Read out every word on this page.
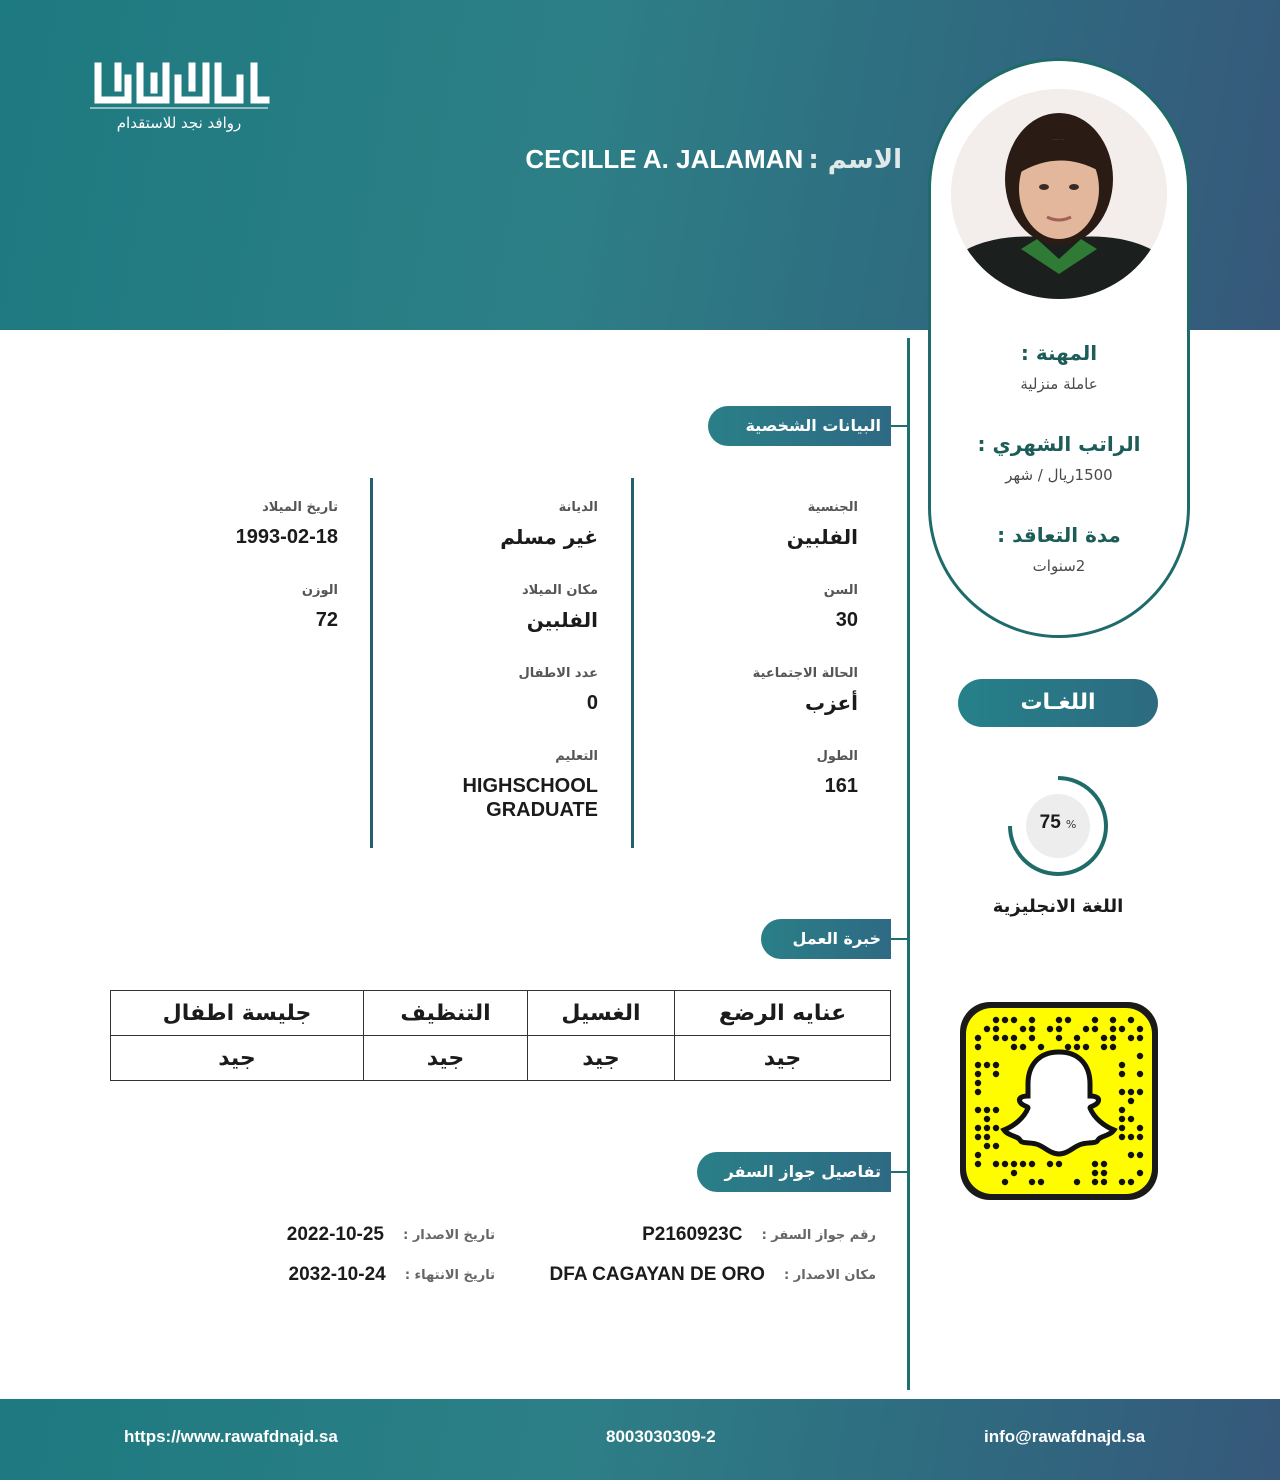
روافد نجد للاستقدام
الاسم : CECILLE A. JALAMAN
المهنة :
عاملة منزلية
الراتب الشهري :
1500ريال / شهر
مدة التعاقد :
2سنوات
البيانات الشخصية
الجنسية
الفلبين
السن
30
الحالة الاجتماعية
أعزب
الطول
161
الديانة
غير مسلم
مكان الميلاد
الفلبين
عدد الاطفال
0
التعليم
HIGHSCHOOL GRADUATE
تاريخ الميلاد
1993-02-18
الوزن
72
اللغـات
75 %
اللغة الانجليزية
خبرة العمل
عنايه الرضع	الغسيل	التنظيف	جليسة اطفال
جيد	جيد	جيد	جيد
تفاصيل جواز السفر
رقم جواز السفر : P2160923C
مكان الاصدار : DFA CAGAYAN DE ORO
تاريخ الاصدار : 2022-10-25
تاريخ الانتهاء : 2032-10-24
https://www.rawafdnajd.sa	8003030309-2	info@rawafdnajd.sa
